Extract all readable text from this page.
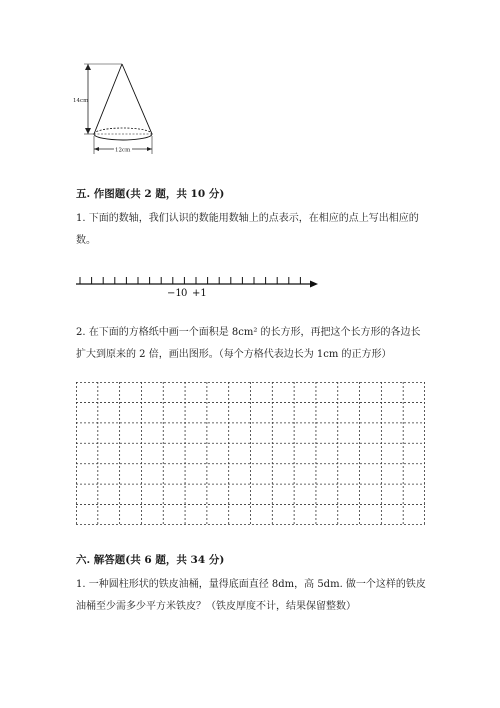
14cm
12cm
五. 作图题(共 2 题，共 10 分)
1. 下面的数轴，我们认识的数能用数轴上的点表示，在相应的点上写出相应的数。
−1 0 +1
2. 在下面的方格纸中画一个面积是 8cm² 的长方形，再把这个长方形的各边长扩大到原来的 2 倍，画出图形。（每个方格代表边长为 1cm 的正方形）
六. 解答题(共 6 题，共 34 分)
1. 一种圆柱形状的铁皮油桶，量得底面直径 8dm，高 5dm. 做一个这样的铁皮油桶至少需多少平方米铁皮？（铁皮厚度不计，结果保留整数）
